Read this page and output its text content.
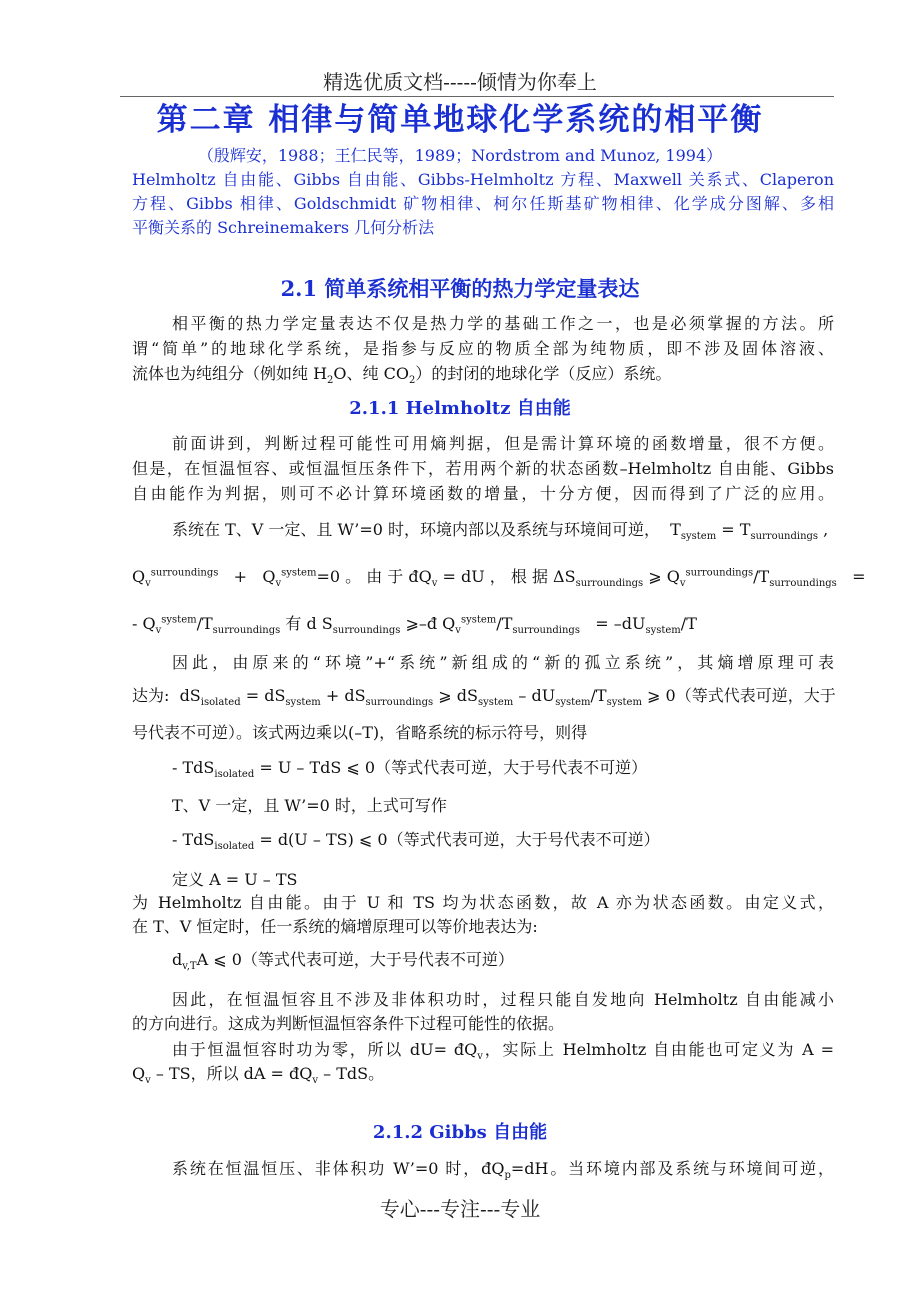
精选优质文档-----倾情为你奉上
第二章 相律与简单地球化学系统的相平衡
（殷辉安，1988；王仁民等，1989；Nordstrom and Munoz, 1994）
Helmholtz 自由能、Gibbs 自由能、Gibbs-Helmholtz 方程、Maxwell 关系式、Claperon
方程、Gibbs 相律、Goldschmidt 矿物相律、柯尔任斯基矿物相律、化学成分图解、多相
平衡关系的 Schreinemakers 几何分析法
2.1 简单系统相平衡的热力学定量表达
相平衡的热力学定量表达不仅是热力学的基础工作之一，也是必须掌握的方法。所
谓“简单”的地球化学系统，是指参与反应的物质全部为纯物质，即不涉及固体溶液、
流体也为纯组分（例如纯 $H_2O$、纯 $CO_2$）的封闭的地球化学（反应）系统。
2.1.1 Helmholtz 自由能
前面讲到，判断过程可能性可用熵判据，但是需计算环境的函数增量，很不方便。
但是，在恒温恒容、或恒温恒压条件下，若用两个新的状态函数–Helmholtz 自由能、Gibbs
自由能作为判据，则可不必计算环境函数的增量，十分方便，因而得到了广泛的应用。
系统在 T、V 一定、且 W’=0 时，环境内部以及系统与环境间可逆，  $T_{system} = T_{surroundings}$ ,
$Q_v^{surroundings} + Q_v^{system}=0$ 。 由 于 $đQ_v$ = dU ， 根 据 $\Delta S_{surroundings}$ ⩾ $Q_v^{surroundings}/T_{surroundings}$   =
- $Q_v^{system}/T_{surroundings}$ 有 d $S_{surroundings}$ ⩾–đ $Q_v^{system}/T_{surroundings} = -dU_{system}/T$
因此，由原来的“环境”+“系统”新组成的“新的孤立系统”，其熵增原理可表
达为:  $dS_{isolated} = dS_{system} + dS_{surroundings}$ ⩾ $dS_{system} - dU_{system}/T_{system}$ ⩾ 0（等式代表可逆，大于
号代表不可逆）。该式两边乘以(–T)，省略系统的标示符号，则得
- TdS$_{isolated}$ = U – TdS ⩽ 0（等式代表可逆，大于号代表不可逆）
T、V 一定，且 W’=0 时，上式可写作
- TdS$_{isolated}$ = d(U – TS) ⩽ 0（等式代表可逆，大于号代表不可逆）
定义 A = U – TS
为 Helmholtz 自由能。由于 U 和 TS 均为状态函数，故 A 亦为状态函数。由定义式，
在 T、V 恒定时，任一系统的熵增原理可以等价地表达为:
$d_{v,T}A$ ⩽ 0（等式代表可逆，大于号代表不可逆）
因此，在恒温恒容且不涉及非体积功时，过程只能自发地向 Helmholtz 自由能减小
的方向进行。这成为判断恒温恒容条件下过程可能性的依据。
由于恒温恒容时功为零，所以 $dU= đQ_v$，实际上 Helmholtz 自由能也可定义为 A =
$Q_v$ – TS，所以 dA = $đQ_v$ – TdS。
2.1.2 Gibbs 自由能
系统在恒温恒压、非体积功 W’=0 时，$đQ_p=dH$。当环境内部及系统与环境间可逆，
专心---专注---专业
